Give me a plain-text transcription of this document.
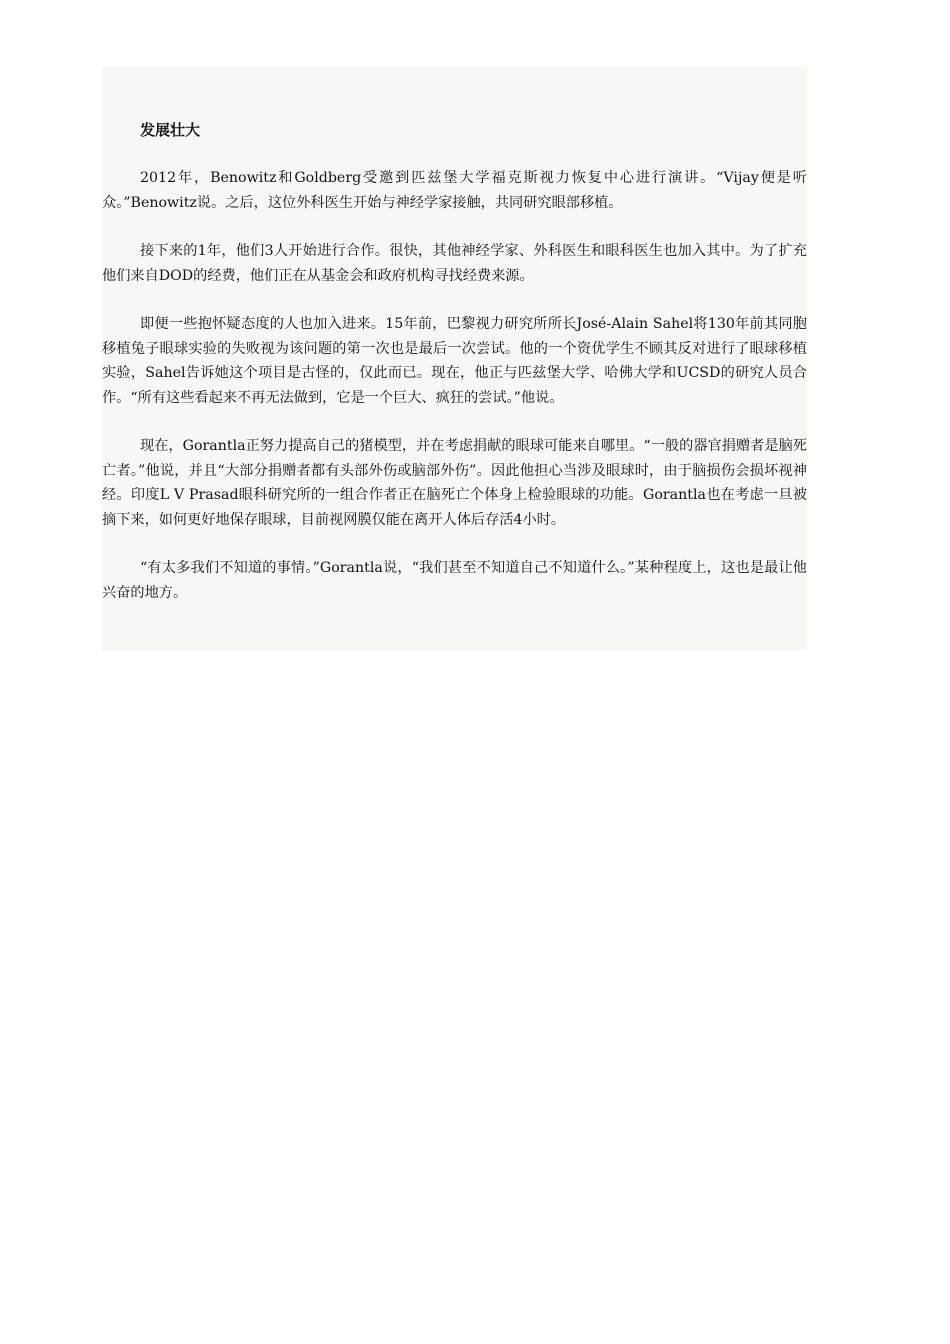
发展壮大

2012年，Benowitz和Goldberg受邀到匹兹堡大学福克斯视力恢复中心进行演讲。“Vijay便是听众。”Benowitz说。之后，这位外科医生开始与神经学家接触，共同研究眼部移植。

接下来的1年，他们3人开始进行合作。很快，其他神经学家、外科医生和眼科医生也加入其中。为了扩充他们来自DOD的经费，他们正在从基金会和政府机构寻找经费来源。

即便一些抱怀疑态度的人也加入进来。15年前，巴黎视力研究所所长José-Alain Sahel将130年前其同胞移植兔子眼球实验的失败视为该问题的第一次也是最后一次尝试。他的一个资优学生不顾其反对进行了眼球移植实验，Sahel告诉她这个项目是古怪的，仅此而已。现在，他正与匹兹堡大学、哈佛大学和UCSD的研究人员合作。“所有这些看起来不再无法做到，它是一个巨大、疯狂的尝试。”他说。

现在，Gorantla正努力提高自己的猪模型，并在考虑捐献的眼球可能来自哪里。“一般的器官捐赠者是脑死亡者。”他说，并且“大部分捐赠者都有头部外伤或脑部外伤”。因此他担心当涉及眼球时，由于脑损伤会损坏视神经。印度L V Prasad眼科研究所的一组合作者正在脑死亡个体身上检验眼球的功能。Gorantla也在考虑一旦被摘下来，如何更好地保存眼球，目前视网膜仅能在离开人体后存活4小时。

“有太多我们不知道的事情。”Gorantla说，“我们甚至不知道自己不知道什么。”某种程度上，这也是最让他兴奋的地方。
